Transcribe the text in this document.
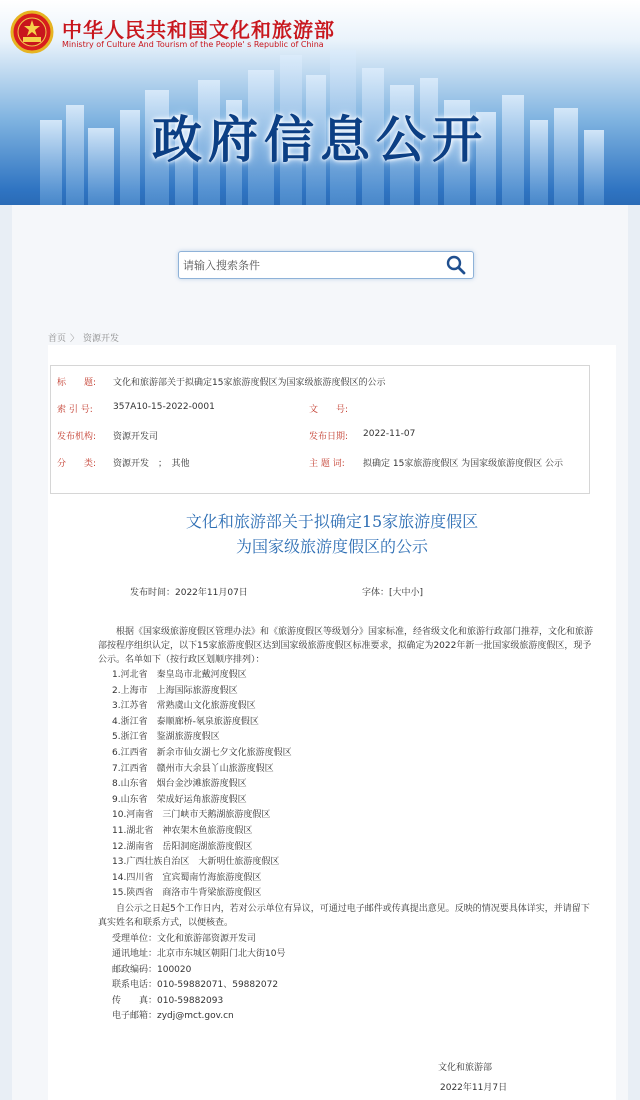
中华人民共和国文化和旅游部
Ministry of Culture And Tourism of the People' s Republic of China
政府信息公开
请输入搜索条件
首页 〉 资源开发
标　　题: 文化和旅游部关于拟确定15家旅游度假区为国家级旅游度假区的公示
索 引 号: 357A10-15-2022-0001	文　　号:
发布机构: 资源开发司	发布日期: 2022-11-07
分　　类: 资源开发　；　其他	主 题 词: 拟确定 15家旅游度假区 为国家级旅游度假区 公示
文化和旅游部关于拟确定15家旅游度假区
为国家级旅游度假区的公示
发布时间：2022年11月07日	字体：[大中小]

根据《国家级旅游度假区管理办法》和《旅游度假区等级划分》国家标准，经省级文化和旅游行政部门推荐，文化和旅游部按程序组织认定，以下15家旅游度假区达到国家级旅游度假区标准要求，拟确定为2022年新一批国家级旅游度假区，现予公示。名单如下（按行政区划顺序排列）：

1.河北省　秦皇岛市北戴河度假区
2.上海市　上海国际旅游度假区
3.江苏省　常熟虞山文化旅游度假区
4.浙江省　泰顺廊桥-氡泉旅游度假区
5.浙江省　鉴湖旅游度假区
6.江西省　新余市仙女湖七夕文化旅游度假区
7.江西省　赣州市大余县丫山旅游度假区
8.山东省　烟台金沙滩旅游度假区
9.山东省　荣成好运角旅游度假区
10.河南省　三门峡市天鹅湖旅游度假区
11.湖北省　神农架木鱼旅游度假区
12.湖南省　岳阳洞庭湖旅游度假区
13.广西壮族自治区　大新明仕旅游度假区
14.四川省　宜宾蜀南竹海旅游度假区
15.陕西省　商洛市牛背梁旅游度假区

自公示之日起5个工作日内，若对公示单位有异议，可通过电子邮件或传真提出意见。反映的情况要具体详实，并请留下真实姓名和联系方式，以便核查。

受理单位：文化和旅游部资源开发司
通讯地址：北京市东城区朝阳门北大街10号
邮政编码：100020
联系电话：010-59882071、59882072
传　　真：010-59882093
电子邮箱：zydj@mct.gov.cn
文化和旅游部
2022年11月7日
